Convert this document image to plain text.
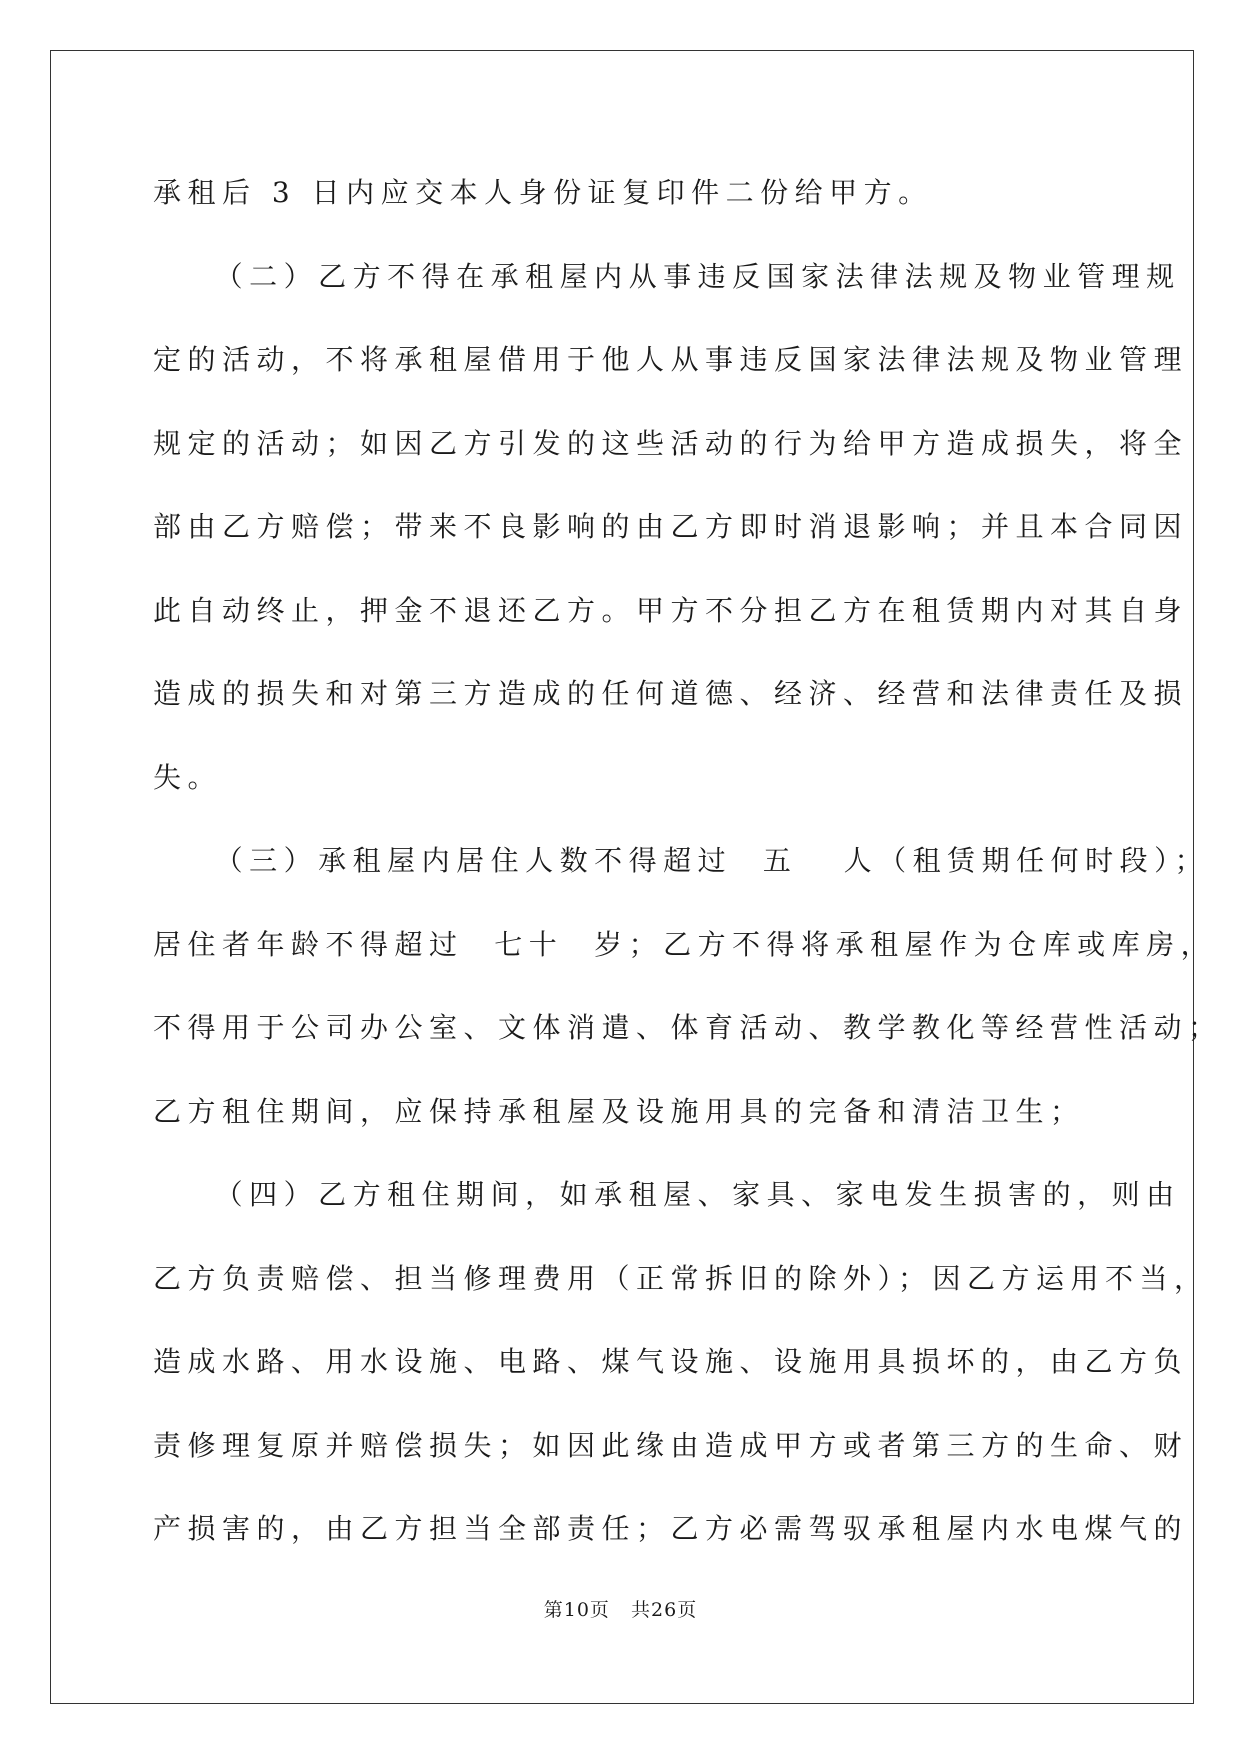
承租后 3 日内应交本人身份证复印件二份给甲方。
（二）乙方不得在承租屋内从事违反国家法律法规及物业管理规
定的活动，不将承租屋借用于他人从事违反国家法律法规及物业管理
规定的活动；如因乙方引发的这些活动的行为给甲方造成损失，将全
部由乙方赔偿；带来不良影响的由乙方即时消退影响；并且本合同因
此自动终止，押金不退还乙方。甲方不分担乙方在租赁期内对其自身
造成的损失和对第三方造成的任何道德、经济、经营和法律责任及损
失。
（三）承租屋内居住人数不得超过  五   人（租赁期任何时段）；
居住者年龄不得超过  七十  岁；乙方不得将承租屋作为仓库或库房，
不得用于公司办公室、文体消遣、体育活动、教学教化等经营性活动；
乙方租住期间，应保持承租屋及设施用具的完备和清洁卫生；
（四）乙方租住期间，如承租屋、家具、家电发生损害的，则由
乙方负责赔偿、担当修理费用（正常拆旧的除外）；因乙方运用不当，
造成水路、用水设施、电路、煤气设施、设施用具损坏的，由乙方负
责修理复原并赔偿损失；如因此缘由造成甲方或者第三方的生命、财
产损害的，由乙方担当全部责任；乙方必需驾驭承租屋内水电煤气的
第10页   共26页
